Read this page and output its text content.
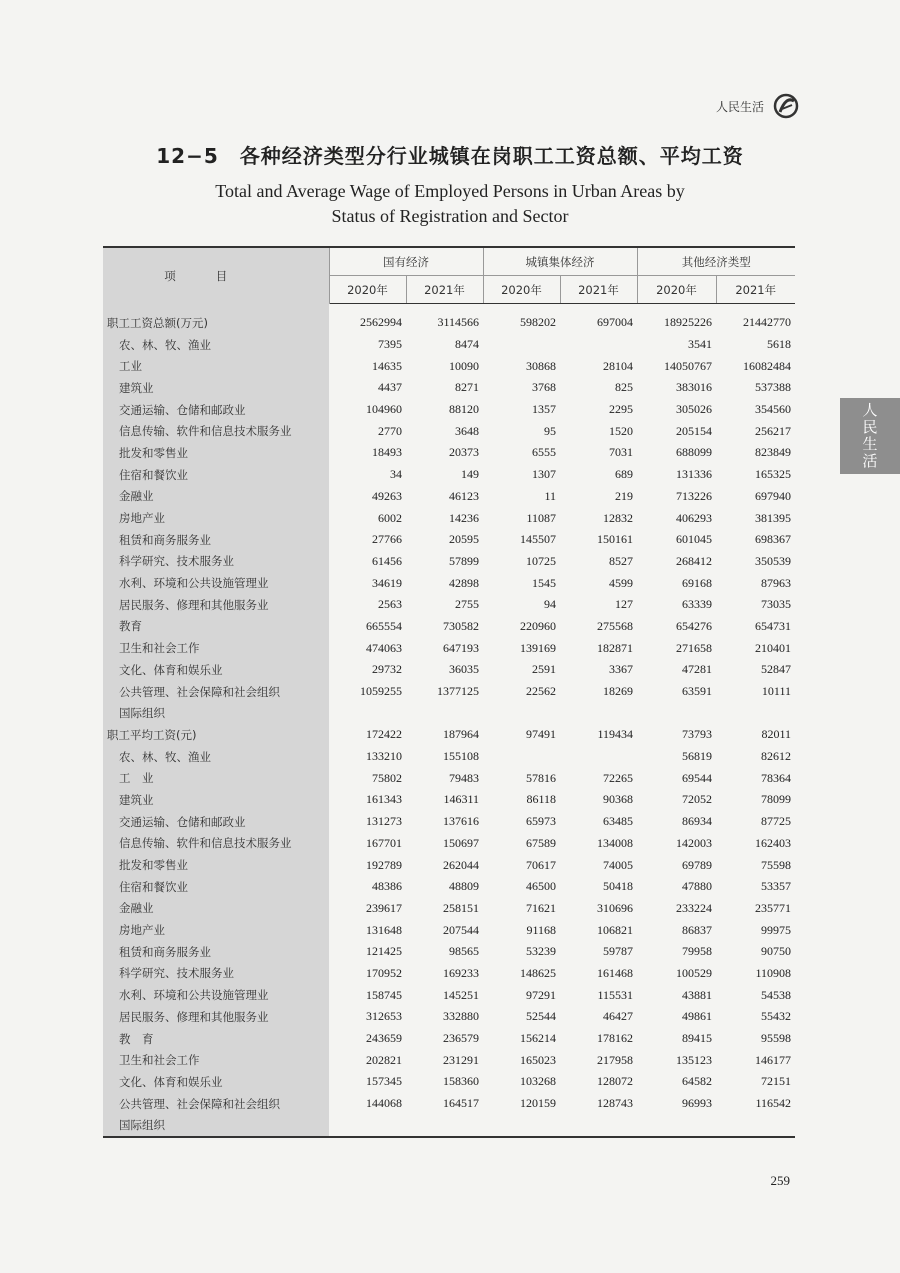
人民生活
人民生活
12−5　各种经济类型分行业城镇在岗职工工资总额、平均工资
Total and Average Wage of Employed Persons in Urban Areas by
Status of Registration and Sector
项目	国有经济		城镇集体经济		其他经济类型	
	2020年	2021年	2020年	2021年	2020年	2021年
职工工资总额(万元)	2562994	3114566	598202	697004	18925226	21442770
农、林、牧、渔业	7395	8474			3541	5618
工业	14635	10090	30868	28104	14050767	16082484
建筑业	4437	8271	3768	825	383016	537388
交通运输、仓储和邮政业	104960	88120	1357	2295	305026	354560
信息传输、软件和信息技术服务业	2770	3648	95	1520	205154	256217
批发和零售业	18493	20373	6555	7031	688099	823849
住宿和餐饮业	34	149	1307	689	131336	165325
金融业	49263	46123	11	219	713226	697940
房地产业	6002	14236	11087	12832	406293	381395
租赁和商务服务业	27766	20595	145507	150161	601045	698367
科学研究、技术服务业	61456	57899	10725	8527	268412	350539
水利、环境和公共设施管理业	34619	42898	1545	4599	69168	87963
居民服务、修理和其他服务业	2563	2755	94	127	63339	73035
教育	665554	730582	220960	275568	654276	654731
卫生和社会工作	474063	647193	139169	182871	271658	210401
文化、体育和娱乐业	29732	36035	2591	3367	47281	52847
公共管理、社会保障和社会组织	1059255	1377125	22562	18269	63591	10111
国际组织						
职工平均工资(元)	172422	187964	97491	119434	73793	82011
农、林、牧、渔业	133210	155108			56819	82612
工　业	75802	79483	57816	72265	69544	78364
建筑业	161343	146311	86118	90368	72052	78099
交通运输、仓储和邮政业	131273	137616	65973	63485	86934	87725
信息传输、软件和信息技术服务业	167701	150697	67589	134008	142003	162403
批发和零售业	192789	262044	70617	74005	69789	75598
住宿和餐饮业	48386	48809	46500	50418	47880	53357
金融业	239617	258151	71621	310696	233224	235771
房地产业	131648	207544	91168	106821	86837	99975
租赁和商务服务业	121425	98565	53239	59787	79958	90750
科学研究、技术服务业	170952	169233	148625	161468	100529	110908
水利、环境和公共设施管理业	158745	145251	97291	115531	43881	54538
居民服务、修理和其他服务业	312653	332880	52544	46427	49861	55432
教　育	243659	236579	156214	178162	89415	95598
卫生和社会工作	202821	231291	165023	217958	135123	146177
文化、体育和娱乐业	157345	158360	103268	128072	64582	72151
公共管理、社会保障和社会组织	144068	164517	120159	128743	96993	116542
国际组织						
259
